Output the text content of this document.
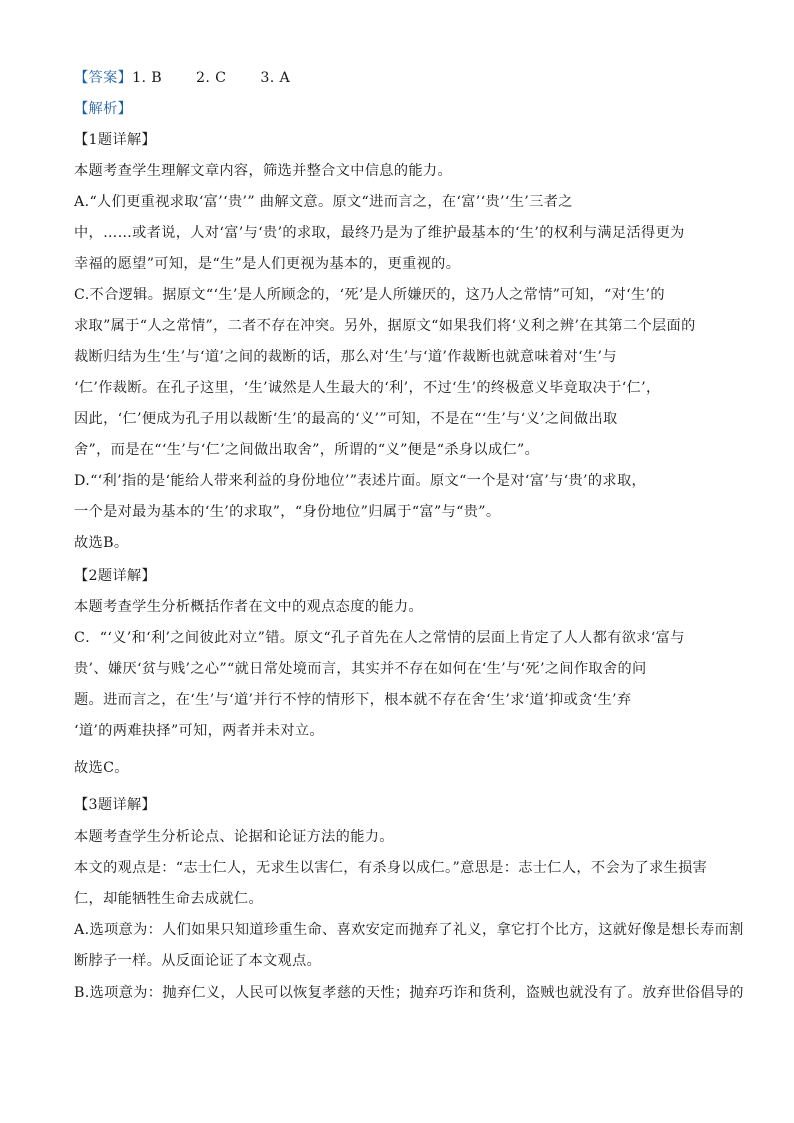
【答案】1. B 2. C 3. A
【解析】
【1题详解】
本题考查学生理解文章内容，筛选并整合文中信息的能力。
A.“人们更重视求取‘富’‘贵’” 曲解文意。原文“进而言之，在‘富’‘贵’‘生’三者之
中，……或者说，人对‘富’与‘贵’的求取，最终乃是为了维护最基本的‘生’的权利与满足活得更为
幸福的愿望”可知，是“生”是人们更视为基本的，更重视的。
C.不合逻辑。据原文“‘生’是人所顾念的，‘死’是人所嫌厌的，这乃人之常情”可知，“对‘生’的
求取”属于“人之常情”，二者不存在冲突。另外，据原文“如果我们将‘义利之辨’在其第二个层面的
裁断归结为生‘生’与‘道’之间的裁断的话，那么对‘生’与‘道’作裁断也就意味着对‘生’与
‘仁’作裁断。在孔子这里，‘生’诚然是人生最大的‘利’，不过‘生’的终极意义毕竟取决于‘仁’，
因此，‘仁’便成为孔子用以裁断‘生’的最高的‘义’”可知，不是在“‘生’与‘义’之间做出取
舍”，而是在“‘生’与‘仁’之间做出取舍”，所谓的“义”便是“杀身以成仁”。
D.“‘利’指的是‘能给人带来利益的身份地位’”表述片面。原文“一个是对‘富’与‘贵’的求取，
一个是对最为基本的‘生’的求取”，“身份地位”归属于“富”与“贵”。
故选B。
【2题详解】
本题考查学生分析概括作者在文中的观点态度的能力。
C．“‘义’和‘利’之间彼此对立”错。原文“孔子首先在人之常情的层面上肯定了人人都有欲求‘富与
贵’、嫌厌‘贫与贱’之心”“就日常处境而言，其实并不存在如何在‘生’与‘死’之间作取舍的问
题。进而言之，在‘生’与‘道’并行不悖的情形下，根本就不存在舍‘生’求‘道’抑或贪‘生’弃
‘道’的两难抉择”可知，两者并未对立。
故选C。
【3题详解】
本题考查学生分析论点、论据和论证方法的能力。
本文的观点是：“志士仁人，无求生以害仁，有杀身以成仁。”意思是：志士仁人，不会为了求生损害
仁，却能牺牲生命去成就仁。
A.选项意为：人们如果只知道珍重生命、喜欢安定而抛弃了礼义，拿它打个比方，这就好像是想长寿而割
断脖子一样。从反面论证了本文观点。
B.选项意为：抛弃仁义，人民可以恢复孝慈的天性；抛弃巧诈和货利，盗贼也就没有了。放弃世俗倡导的
